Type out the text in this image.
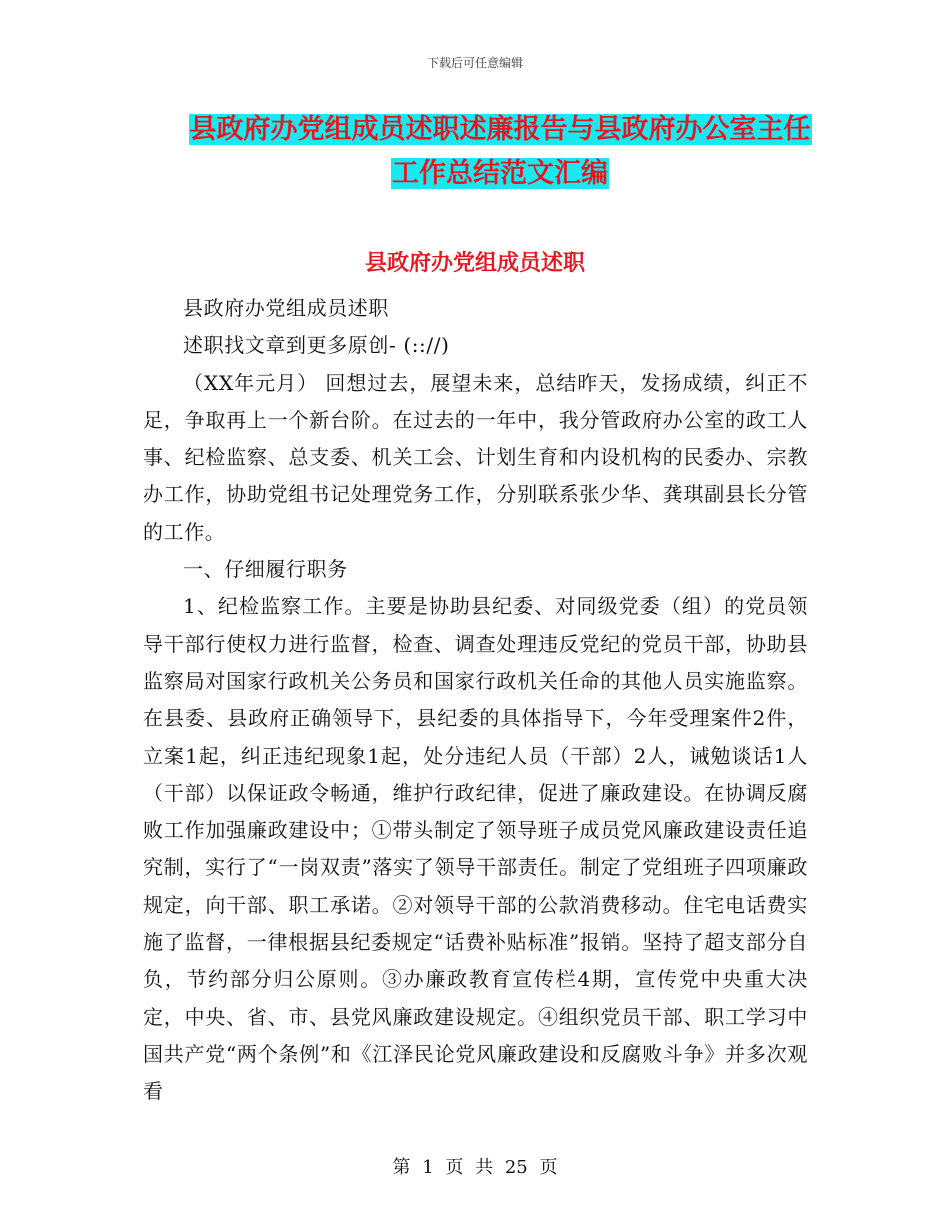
下载后可任意编辑
县政府办党组成员述职述廉报告与县政府办公室主任
工作总结范文汇编
县政府办党组成员述职

县政府办党组成员述职

述职找文章到更多原创- (:://)

（XX年元月） 回想过去，展望未来，总结昨天，发扬成绩，纠正不足，争取再上一个新台阶。在过去的一年中，我分管政府办公室的政工人事、纪检监察、总支委、机关工会、计划生育和内设机构的民委办、宗教办工作，协助党组书记处理党务工作，分别联系张少华、龚琪副县长分管的工作。

一、仔细履行职务

1、纪检监察工作。主要是协助县纪委、对同级党委（组）的党员领导干部行使权力进行监督，检查、调查处理违反党纪的党员干部，协助县监察局对国家行政机关公务员和国家行政机关任命的其他人员实施监察。在县委、县政府正确领导下，县纪委的具体指导下，今年受理案件2件，立案1起，纠正违纪现象1起，处分违纪人员（干部）2人，诫勉谈话1人（干部）以保证政令畅通，维护行政纪律，促进了廉政建设。在协调反腐败工作加强廉政建设中；①带头制定了领导班子成员党风廉政建设责任追究制，实行了“一岗双责”落实了领导干部责任。制定了党组班子四项廉政规定，向干部、职工承诺。②对领导干部的公款消费移动。住宅电话费实施了监督，一律根据县纪委规定“话费补贴标准”报销。坚持了超支部分自负，节约部分归公原则。③办廉政教育宣传栏4期，宣传党中央重大决定，中央、省、市、县党风廉政建设规定。④组织党员干部、职工学习中国共产党“两个条例”和《江泽民论党风廉政建设和反腐败斗争》并多次观看

第 1 页 共 25 页
